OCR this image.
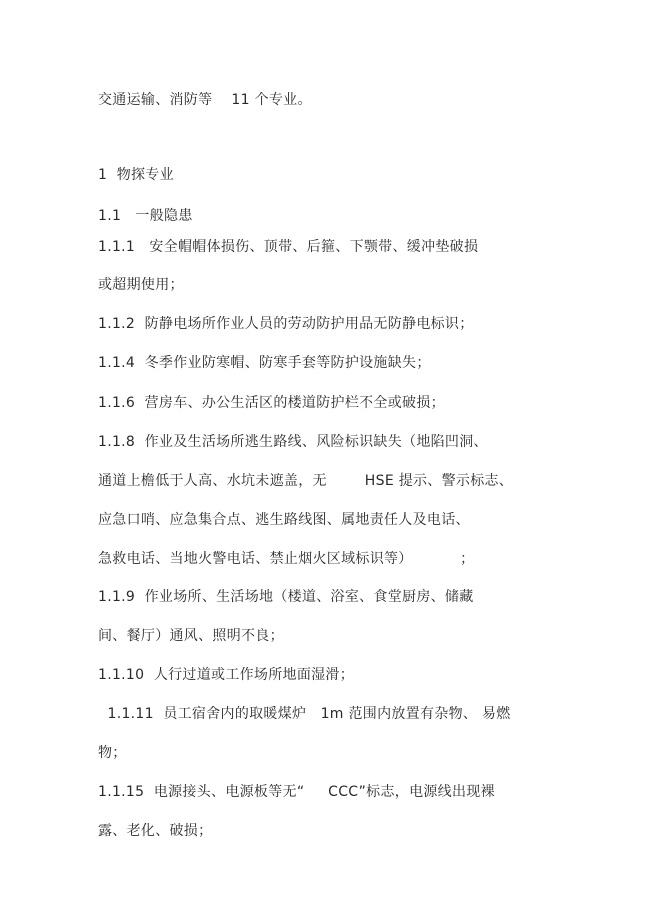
交通运输、消防等    11 个专业。
1  物探专业
1.1   一般隐患
1.1.1   安全帽帽体损伤、顶带、后箍、下颚带、缓冲垫破损
或超期使用；
1.1.2  防静电场所作业人员的劳动防护用品无防静电标识；
1.1.4  冬季作业防寒帽、防寒手套等防护设施缺失；
1.1.6  营房车、办公生活区的楼道防护栏不全或破损；
1.1.8  作业及生活场所逃生路线、风险标识缺失（地陷凹洞、
通道上檐低于人高、水坑未遮盖，无        HSE 提示、警示标志、
应急口哨、应急集合点、逃生路线图、属地责任人及电话、
急救电话、当地火警电话、禁止烟火区域标识等）          ；
1.1.9  作业场所、生活场地（楼道、浴室、食堂厨房、储藏
间、餐厅）通风、照明不良；
1.1.10  人行过道或工作场所地面湿滑；
1.1.11  员工宿舍内的取暖煤炉   1m 范围内放置有杂物、 易燃
物；
1.1.15  电源接头、电源板等无“     CCC”标志，电源线出现裸
露、老化、破损；
